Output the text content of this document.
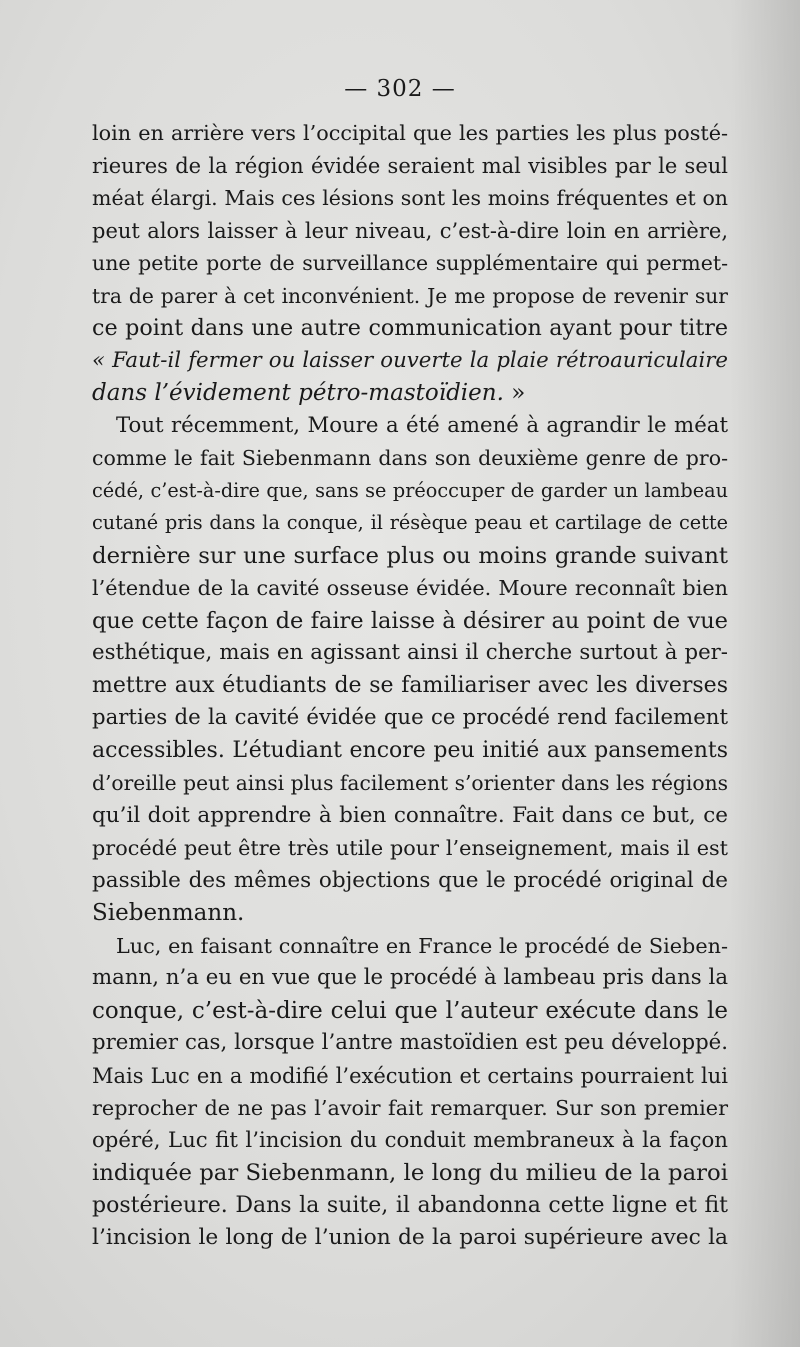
— 302 —

loin en arrière vers l’occipital que les parties les plus posté-
rieures de la région évidée seraient mal visibles par le seul
méat élargi. Mais ces lésions sont les moins fréquentes et on
peut alors laisser à leur niveau, c’est-à-dire loin en arrière,
une petite porte de surveillance supplémentaire qui permet-
tra de parer à cet inconvénient. Je me propose de revenir sur
ce point dans une autre communication ayant pour titre
« Faut-il fermer ou laisser ouverte la plaie rétroauriculaire
dans l’évidement pétro-mastoïdien. »

Tout récemment, Moure a été amené à agrandir le méat
comme le fait Siebenmann dans son deuxième genre de pro-
cédé, c’est-à-dire que, sans se préoccuper de garder un lambeau
cutané pris dans la conque, il résèque peau et cartilage de cette
dernière sur une surface plus ou moins grande suivant
l’étendue de la cavité osseuse évidée. Moure reconnaît bien
que cette façon de faire laisse à désirer au point de vue
esthétique, mais en agissant ainsi il cherche surtout à per-
mettre aux étudiants de se familiariser avec les diverses
parties de la cavité évidée que ce procédé rend facilement
accessibles. L’étudiant encore peu initié aux pansements
d’oreille peut ainsi plus facilement s’orienter dans les régions
qu’il doit apprendre à bien connaître. Fait dans ce but, ce
procédé peut être très utile pour l’enseignement, mais il est
passible des mêmes objections que le procédé original de
Siebenmann.

Luc, en faisant connaître en France le procédé de Sieben-
mann, n’a eu en vue que le procédé à lambeau pris dans la
conque, c’est-à-dire celui que l’auteur exécute dans le
premier cas, lorsque l’antre mastoïdien est peu développé.
Mais Luc en a modifié l’exécution et certains pourraient lui
reprocher de ne pas l’avoir fait remarquer. Sur son premier
opéré, Luc fit l’incision du conduit membraneux à la façon
indiquée par Siebenmann, le long du milieu de la paroi
postérieure. Dans la suite, il abandonna cette ligne et fit
l’incision le long de l’union de la paroi supérieure avec la
